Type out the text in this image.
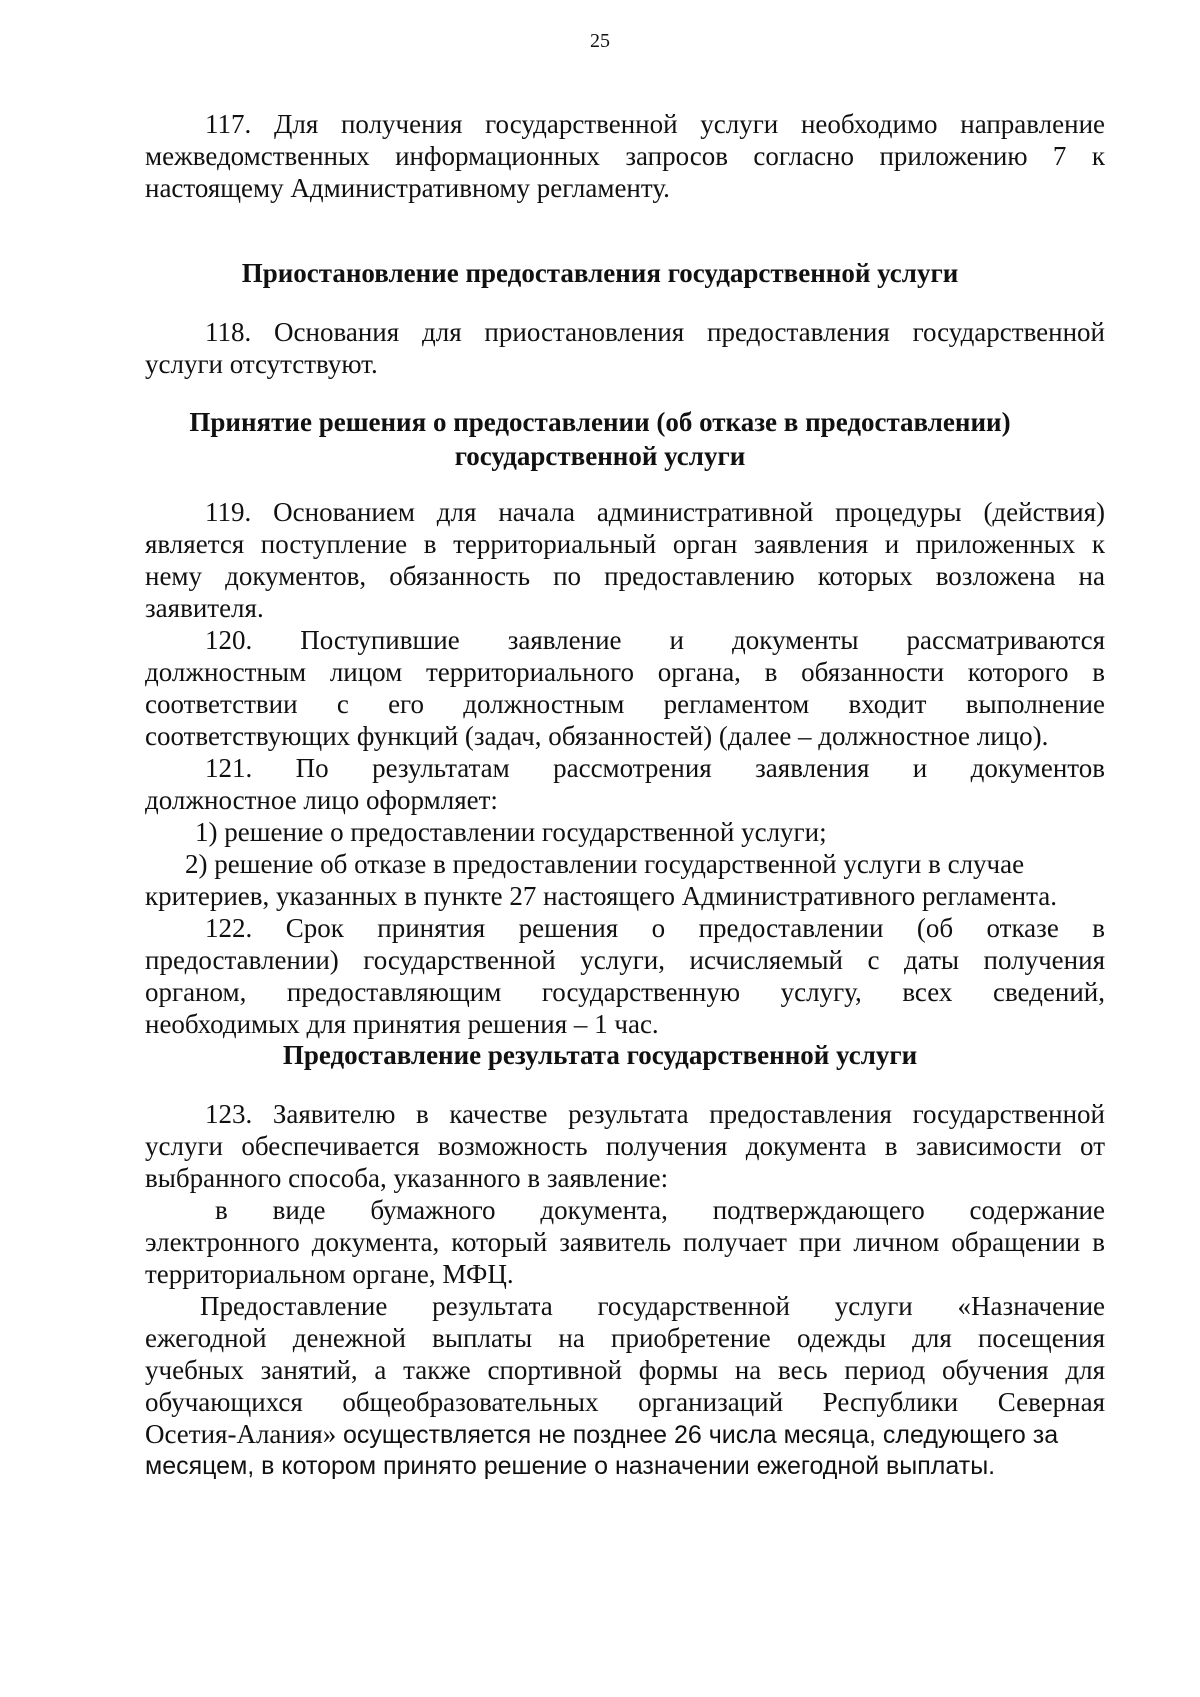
25
117. Для получения государственной услуги необходимо направление
межведомственных информационных запросов согласно приложению 7 к
настоящему Административному регламенту.
Приостановление предоставления государственной услуги
118. Основания для приостановления предоставления государственной
услуги отсутствуют.
Принятие решения о предоставлении (об отказе в предоставлении)
государственной услуги
119. Основанием для начала административной процедуры (действия)
является поступление в территориальный орган заявления и приложенных к
нему документов, обязанность по предоставлению которых возложена на
заявителя.
120. Поступившие заявление и документы рассматриваются
должностным лицом территориального органа, в обязанности которого в
соответствии с его должностным регламентом входит выполнение
соответствующих функций (задач, обязанностей) (далее – должностное лицо).
121. По результатам рассмотрения заявления и документов
должностное лицо оформляет:
1) решение о предоставлении государственной услуги;
2) решение об отказе в предоставлении государственной услуги в случае
критериев, указанных в пункте 27 настоящего Административного регламента.
122. Срок принятия решения о предоставлении (об отказе в
предоставлении) государственной услуги, исчисляемый с даты получения
органом, предоставляющим государственную услугу, всех сведений,
необходимых для принятия решения – 1 час.
Предоставление результата государственной услуги
123. Заявителю в качестве результата предоставления государственной
услуги обеспечивается возможность получения документа в зависимости от
выбранного способа, указанного в заявление:
в виде бумажного документа, подтверждающего содержание
электронного документа, который заявитель получает при личном обращении в
территориальном органе, МФЦ.
Предоставление результата государственной услуги «Назначение
ежегодной денежной выплаты на приобретение одежды для посещения
учебных занятий, а также спортивной формы на весь период обучения для
обучающихся общеобразовательных организаций Республики Северная
Осетия-Алания» осуществляется не позднее 26 числа месяца, следующего за
месяцем, в котором принято решение о назначении ежегодной выплаты.
